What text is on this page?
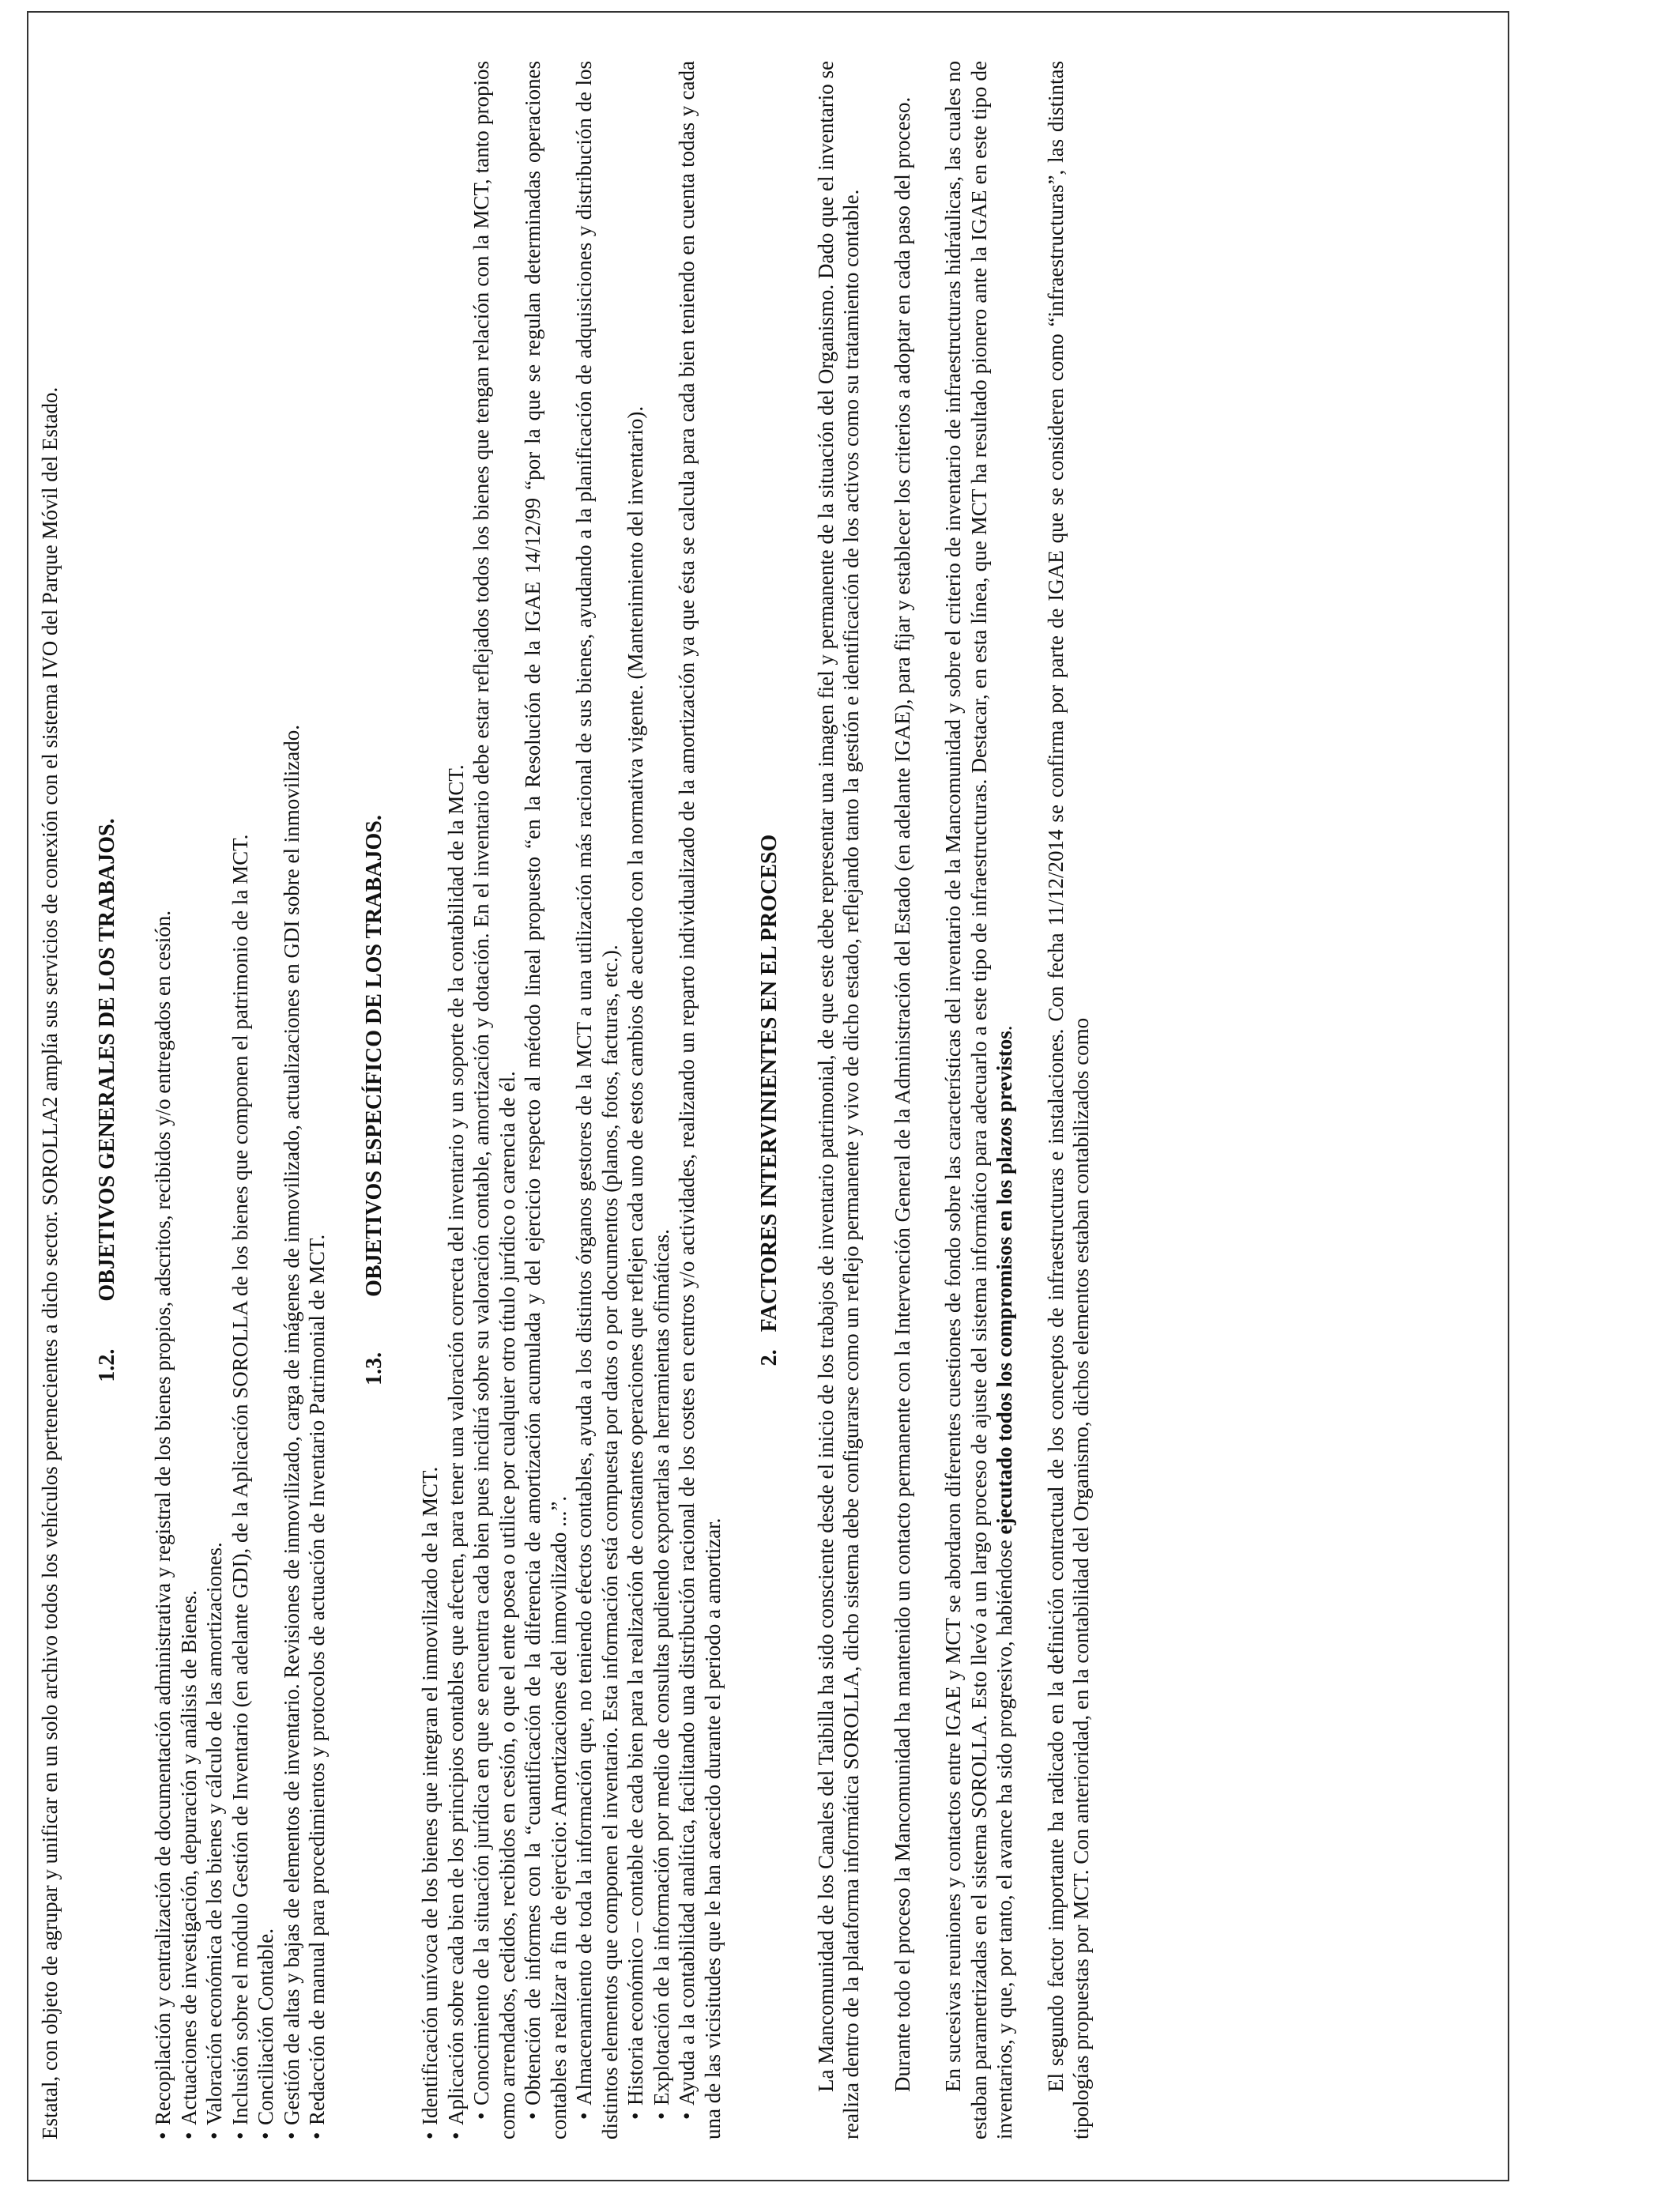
Estatal, con objeto de agrupar y unificar en un solo archivo todos los vehículos pertenecientes a dicho sector. SOROLLA2 amplía sus servicios de conexión con el sistema IVO del Parque Móvil del Estado. 1.2.OBJETIVOS GENERALES DE LOS TRABAJOS.
•Recopilación y centralización de documentación administrativa y registral de los bienes propios, adscritos, recibidos y/o entregados en cesión.
•Actuaciones de investigación, depuración y análisis de Bienes.
•Valoración económica de los bienes y cálculo de las amortizaciones.
•Inclusión sobre el módulo Gestión de Inventario (en adelante GDI), de la Aplicación SOROLLA de los bienes que componen el patrimonio de la MCT.
•Conciliación Contable.
•Gestión de altas y bajas de elementos de inventario. Revisiones de inmovilizado, carga de imágenes de inmovilizado, actualizaciones en GDI sobre el inmovilizado.
•Redacción de manual para procedimientos y protocolos de actuación de Inventario Patrimonial de MCT. 1.3.OBJETIVOS ESPECÍFICO DE LOS TRABAJOS.
•Identificación unívoca de los bienes que integran el inmovilizado de la MCT.
•Aplicación sobre cada bien de los principios contables que afecten, para tener una valoración correcta del inventario y un soporte de la contabilidad de la MCT. •Conocimiento de la situación jurídica en que se encuentra cada bien pues incidirá sobre su valoración contable, amortización y dotación. En el inventario debe estar reflejados todos los bienes que tengan relación con la MCT, tanto propios como arrendados, cedidos, recibidos en cesión, o que el ente posea o utilice por cualquier otro título jurídico o carencia de él. •Obtención de informes con la “cuantificación de la diferencia de amortización acumulada y del ejercicio respecto al método lineal propuesto “en la Resolución de la IGAE 14/12/99 “por la que se regulan determinadas operaciones contables a realizar a fin de ejercicio: Amortizaciones del inmovilizado ...”. •Almacenamiento de toda la información que, no teniendo efectos contables, ayuda a los distintos órganos gestores de la MCT a una utilización más racional de sus bienes, ayudando a la planificación de adquisiciones y distribución de los distintos elementos que componen el inventario. Esta información está compuesta por datos o por documentos (planos, fotos, facturas, etc.). •Historia económico – contable de cada bien para la realización de constantes operaciones que reflejen cada uno de estos cambios de acuerdo con la normativa vigente. (Mantenimiento del inventario).
•Explotación de la información por medio de consultas pudiendo exportarlas a herramientas ofimáticas.
•Ayuda a la contabilidad analítica, facilitando una distribución racional de los costes en centros y/o actividades, realizando un reparto individualizado de la amortización ya que ésta se calcula para cada bien teniendo en cuenta todas y cada una de las vicisitudes que le han acaecido durante el periodo a amortizar.
2.FACTORES INTERVINIENTES EN EL PROCESO La Mancomunidad de los Canales del Taibilla ha sido consciente desde el inicio de los trabajos de inventario patrimonial, de que este debe representar una imagen fiel y permanente de la situación del Organismo. Dado que el inventario se realiza dentro de la plataforma informática SOROLLA, dicho sistema debe configurarse como un reflejo permanente y vivo de dicho estado, reflejando tanto la gestión e identificación de los activos como su tratamiento contable. Durante todo el proceso la Mancomunidad ha mantenido un contacto permanente con la Intervención General de la Administración del Estado (en adelante IGAE), para fijar y establecer los criterios a adoptar en cada paso del proceso. En sucesivas reuniones y contactos entre IGAE y MCT se abordaron diferentes cuestiones de fondo sobre las características del inventario de la Mancomunidad y sobre el criterio de inventario de infraestructuras hidráulicas, las cuales no estaban parametrizadas en el sistema SOROLLA. Esto llevó a un largo proceso de ajuste del sistema informático para adecuarlo a este tipo de infraestructuras. Destacar, en esta línea, que MCT ha resultado pionero ante la IGAE en este tipo de inventarios, y que, por tanto, el avance ha sido progresivo, habiéndose ejecutado todos los compromisos en los plazos previstos. El segundo factor importante ha radicado en la definición contractual de los conceptos de infraestructuras e instalaciones. Con fecha 11/12/2014 se confirma por parte de IGAE que se consideren como “infraestructuras”, las distintas tipologías propuestas por MCT. Con anterioridad, en la contabilidad del Organismo, dichos elementos estaban contabilizados como
